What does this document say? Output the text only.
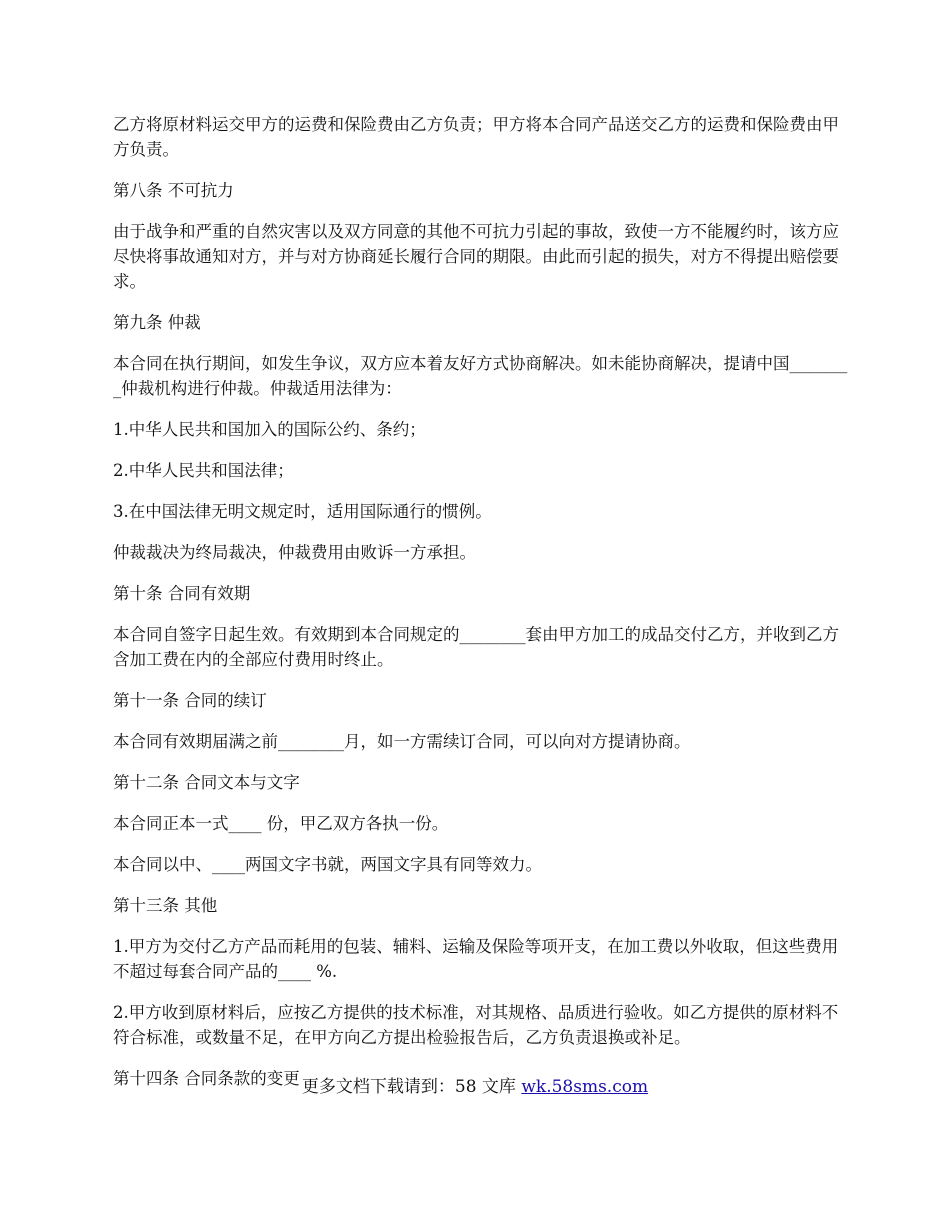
乙方将原材料运交甲方的运费和保险费由乙方负责；甲方将本合同产品送交乙方的运费和保险费由甲方负责。

第八条 不可抗力

由于战争和严重的自然灾害以及双方同意的其他不可抗力引起的事故，致使一方不能履约时，该方应尽快将事故通知对方，并与对方协商延长履行合同的期限。由此而引起的损失，对方不得提出赔偿要求。

第九条 仲裁

本合同在执行期间，如发生争议，双方应本着友好方式协商解决。如未能协商解决，提请中国________仲裁机构进行仲裁。仲裁适用法律为：

1.中华人民共和国加入的国际公约、条约；

2.中华人民共和国法律；

3.在中国法律无明文规定时，适用国际通行的惯例。

仲裁裁决为终局裁决，仲裁费用由败诉一方承担。

第十条 合同有效期

本合同自签字日起生效。有效期到本合同规定的________套由甲方加工的成品交付乙方，并收到乙方含加工费在内的全部应付费用时终止。

第十一条 合同的续订

本合同有效期届满之前________月，如一方需续订合同，可以向对方提请协商。

第十二条 合同文本与文字

本合同正本一式____ 份，甲乙双方各执一份。

本合同以中、____两国文字书就，两国文字具有同等效力。

第十三条 其他

1.甲方为交付乙方产品而耗用的包装、辅料、运输及保险等项开支，在加工费以外收取，但这些费用不超过每套合同产品的____ %.

2.甲方收到原材料后，应按乙方提供的技术标准，对其规格、品质进行验收。如乙方提供的原材料不符合标准，或数量不足，在甲方向乙方提出检验报告后，乙方负责退换或补足。

第十四条 合同条款的变更 更多文档下载请到：58 文库 wk.58sms.com
